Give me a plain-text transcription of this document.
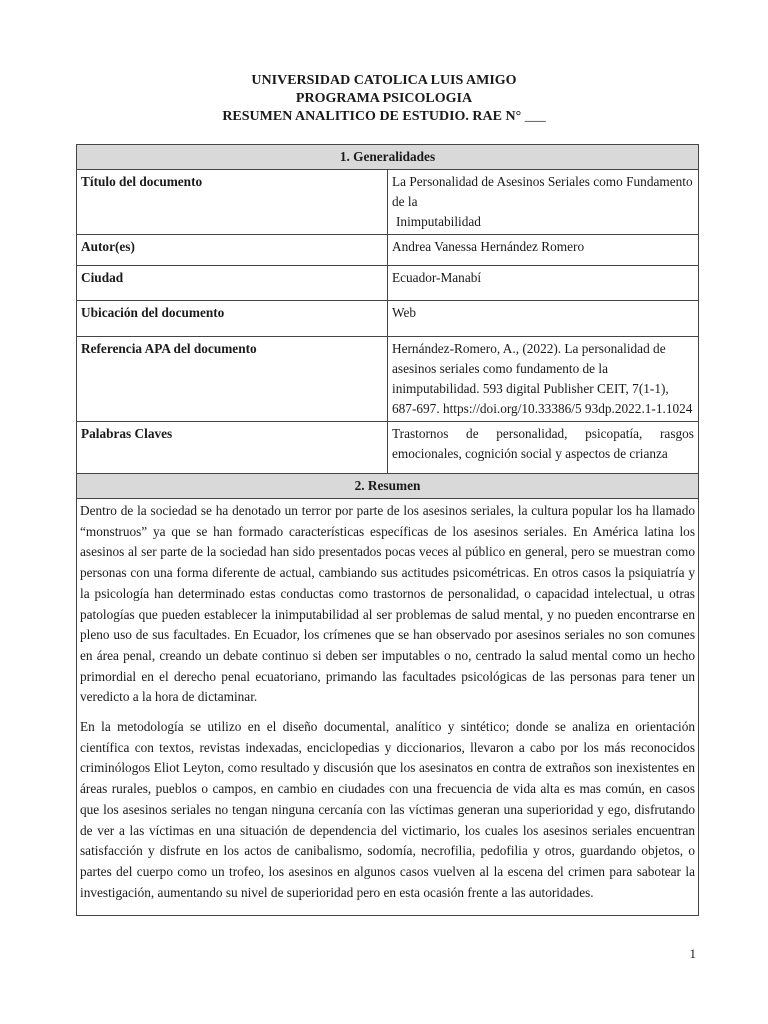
UNIVERSIDAD CATOLICA LUIS AMIGO
PROGRAMA PSICOLOGIA
RESUMEN ANALITICO DE ESTUDIO. RAE N° ___
1. Generalidades	
Título del documento	La Personalidad de Asesinos Seriales como Fundamento de la
Inimputabilidad
Autor(es)	Andrea Vanessa Hernández Romero
Ciudad	Ecuador-Manabí
Ubicación del documento	Web
Referencia APA del documento	Hernández-Romero, A., (2022). La personalidad de asesinos seriales como fundamento de la inimputabilidad. 593 digital Publisher CEIT, 7(1-1), 687-697. https://doi.org/10.33386/5 93dp.2022.1-1.1024
Palabras Claves	Trastornos de personalidad, psicopatía, rasgos emocionales, cognición social y aspectos de crianza
2. Resumen	

Dentro de la sociedad se ha denotado un terror por parte de los asesinos seriales, la cultura popular los ha llamado “monstruos” ya que se han formado características específicas de los asesinos seriales. En América latina los asesinos al ser parte de la sociedad han sido presentados pocas veces al público en general, pero se muestran como personas con una forma diferente de actual, cambiando sus actitudes psicométricas. En otros casos la psiquiatría y la psicología han determinado estas conductas como trastornos de personalidad, o capacidad intelectual, u otras patologías que pueden establecer la inimputabilidad al ser problemas de salud mental, y no pueden encontrarse en pleno uso de sus facultades. En Ecuador, los crímenes que se han observado por asesinos seriales no son comunes en área penal, creando un debate continuo si deben ser imputables o no, centrado la salud mental como un hecho primordial en el derecho penal ecuatoriano, primando las facultades psicológicas de las personas para tener un veredicto a la hora de dictaminar.

En la metodología se utilizo en el diseño documental, analítico y sintético; donde se analiza en orientación científica con textos, revistas indexadas, enciclopedias y diccionarios, llevaron a cabo por los más reconocidos criminólogos Eliot Leyton, como resultado y discusión que los asesinatos en contra de extraños son inexistentes en áreas rurales, pueblos o campos, en cambio en ciudades con una frecuencia de vida alta es mas común, en casos que los asesinos seriales no tengan ninguna cercanía con las víctimas generan una superioridad y ego, disfrutando de ver a las víctimas en una situación de dependencia del victimario, los cuales los asesinos seriales encuentran satisfacción y disfrute en los actos de canibalismo, sodomía, necrofilia, pedofilia y otros, guardando objetos, o partes del cuerpo como un trofeo, los asesinos en algunos casos vuelven al la escena del crimen para sabotear la investigación, aumentando su nivel de superioridad pero en esta ocasión frente a las autoridades.	

1
